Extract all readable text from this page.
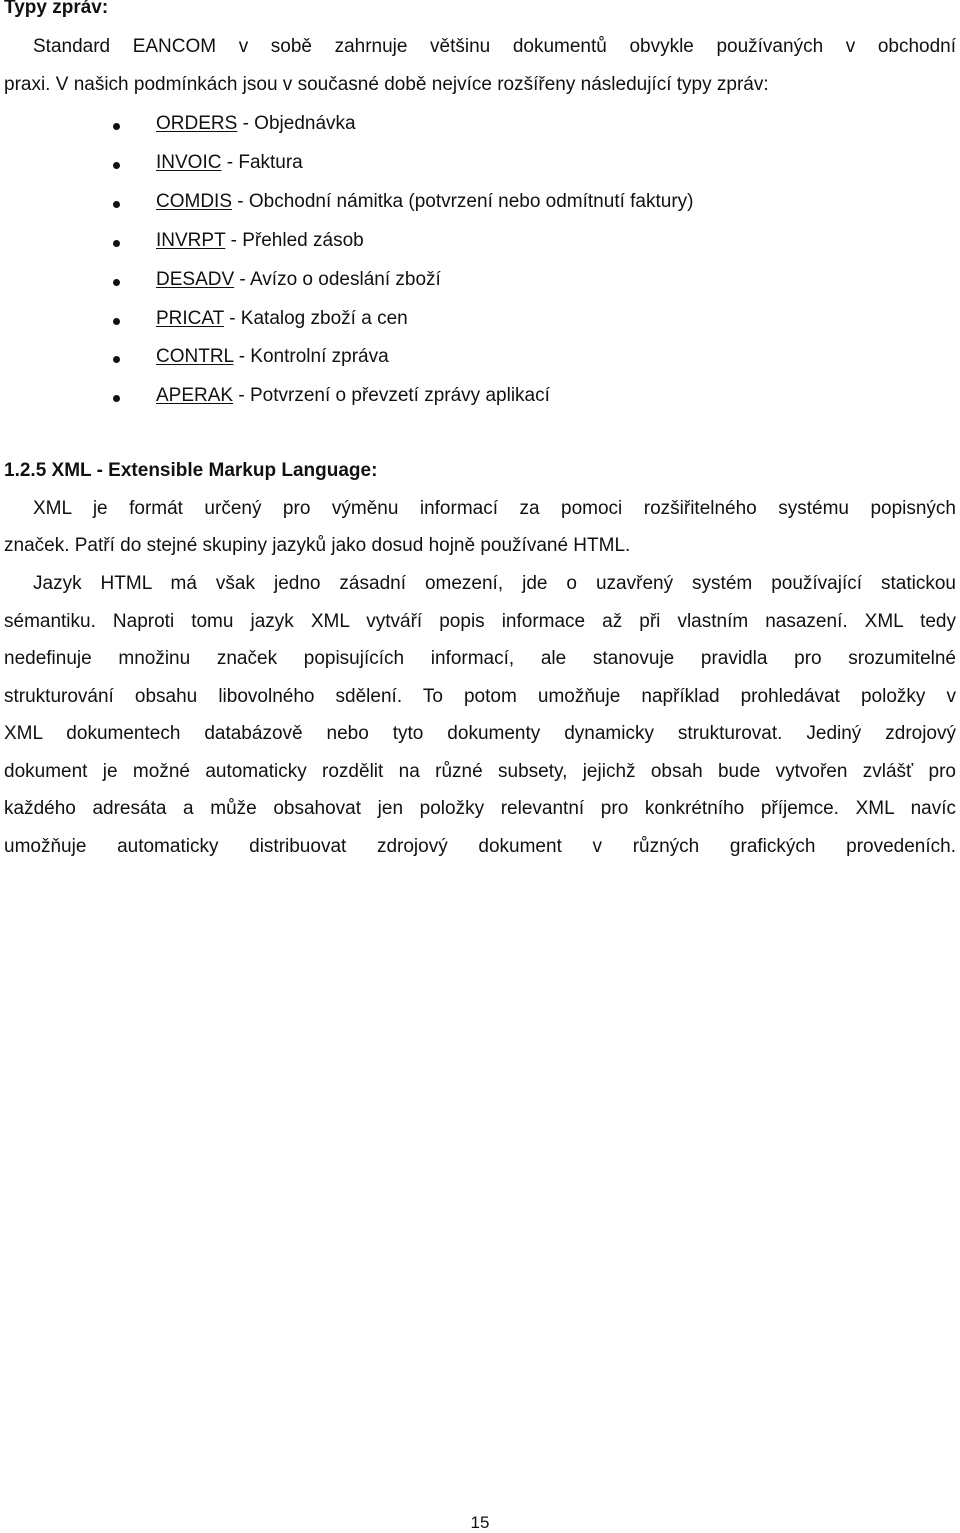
Typy zpráv:
Standard EANCOM v sobě zahrnuje většinu dokumentů obvykle používaných v obchodní
praxi. V našich podmínkách jsou v současné době nejvíce rozšířeny následující typy zpráv:
ORDERS - Objednávka
INVOIC - Faktura
COMDIS - Obchodní námitka (potvrzení nebo odmítnutí faktury)
INVRPT - Přehled zásob
DESADV - Avízo o odeslání zboží
PRICAT - Katalog zboží a cen
CONTRL - Kontrolní zpráva
APERAK - Potvrzení o převzetí zprávy aplikací
1.2.5 XML - Extensible Markup Language:
XML je formát určený pro výměnu informací za pomoci rozšiřitelného systému popisných
značek. Patří do stejné skupiny jazyků jako dosud hojně používané HTML.
Jazyk HTML má však jedno zásadní omezení, jde o uzavřený systém používající statickou
sémantiku. Naproti tomu jazyk XML vytváří popis informace až při vlastním nasazení. XML tedy
nedefinuje množinu značek popisujících informací, ale stanovuje pravidla pro srozumitelné
strukturování obsahu libovolného sdělení. To potom umožňuje například prohledávat položky v
XML dokumentech databázově nebo tyto dokumenty dynamicky strukturovat. Jediný zdrojový
dokument je možné automaticky rozdělit na různé subsety, jejichž obsah bude vytvořen zvlášť pro
každého adresáta a může obsahovat jen položky relevantní pro konkrétního příjemce. XML navíc
umožňuje automaticky distribuovat zdrojový dokument v různých grafických provedeních.
15
